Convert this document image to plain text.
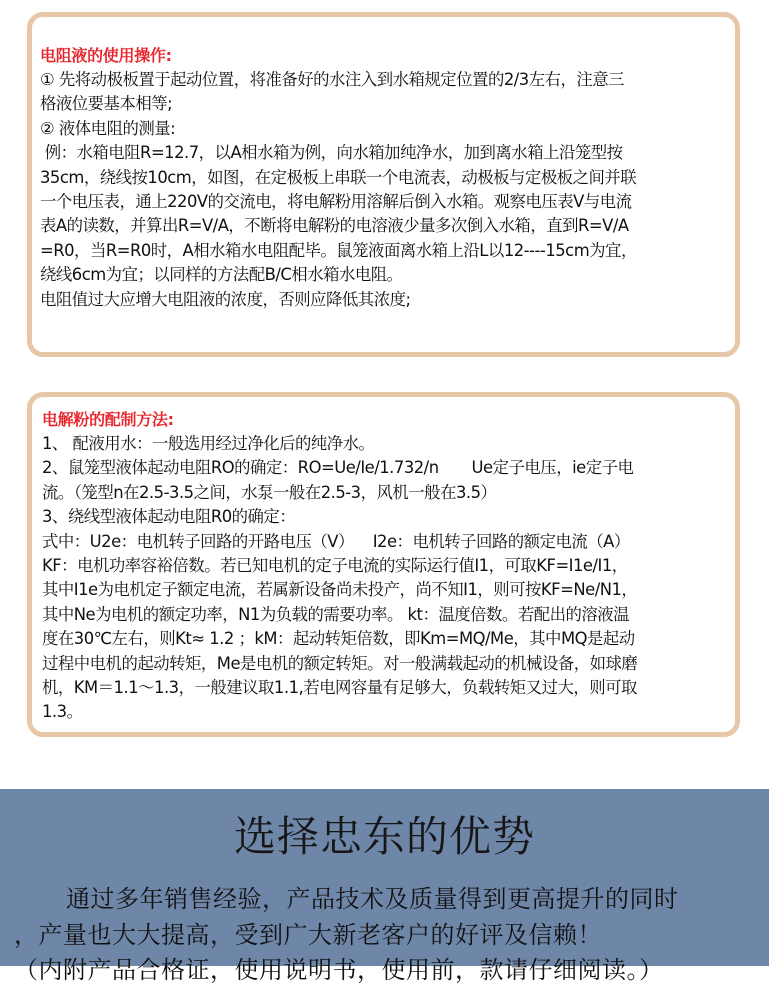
电阻液的使用操作:
① 先将动极板置于起动位置，将准备好的水注入到水箱规定位置的2/3左右，注意三
格液位要基本相等;
② 液体电阻的测量:
例：水箱电阻R=12.7，以A相水箱为例，向水箱加纯净水，加到离水箱上沿笼型按
35cm，绕线按10cm，如图，在定极板上串联一个电流表，动极板与定极板之间并联
一个电压表，通上220V的交流电，将电解粉用溶解后倒入水箱。观察电压表V与电流
表A的读数，并算出R=V/A，不断将电解粉的电溶液少量多次倒入水箱，直到R=V/A
=R0，当R=R0时，A相水箱水电阻配毕。鼠笼液面离水箱上沿L以12----15cm为宜，
绕线6cm为宜；以同样的方法配B/C相水箱水电阻。
电阻值过大应增大电阻液的浓度，否则应降低其浓度;
电解粉的配制方法:
1、 配液用水：一般选用经过净化后的纯净水。
2、鼠笼型液体起动电阻RO的确定：RO=Ue/Ie/1.732/n       Ue定子电压，ie定子电
流。（笼型n在2.5-3.5之间，水泵一般在2.5-3，风机一般在3.5）
3、绕线型液体起动电阻R0的确定：
式中：U2e：电机转子回路的开路电压（V）    I2e：电机转子回路的额定电流（A）
KF：电机功率容裕倍数。若已知电机的定子电流的实际运行值I1，可取KF=I1e/I1，
其中I1e为电机定子额定电流，若属新设备尚未投产，尚不知I1，则可按KF=Ne/N1，
其中Ne为电机的额定功率，N1为负载的需要功率。 kt：温度倍数。若配出的溶液温
度在30℃左右，则Kt≈ 1.2 ；kM：起动转矩倍数，即Km=MQ/Me，其中MQ是起动
过程中电机的起动转矩，Me是电机的额定转矩。对一般满载起动的机械设备，如球磨
机，KM＝1.1～1.3，一般建议取1.1,若电网容量有足够大，负载转矩又过大，则可取
1.3。
选择忠东的优势
通过多年销售经验，产品技术及质量得到更高提升的同时
，产量也大大提高，受到广大新老客户的好评及信赖！
（内附产品合格证，使用说明书，使用前，款请仔细阅读。）
